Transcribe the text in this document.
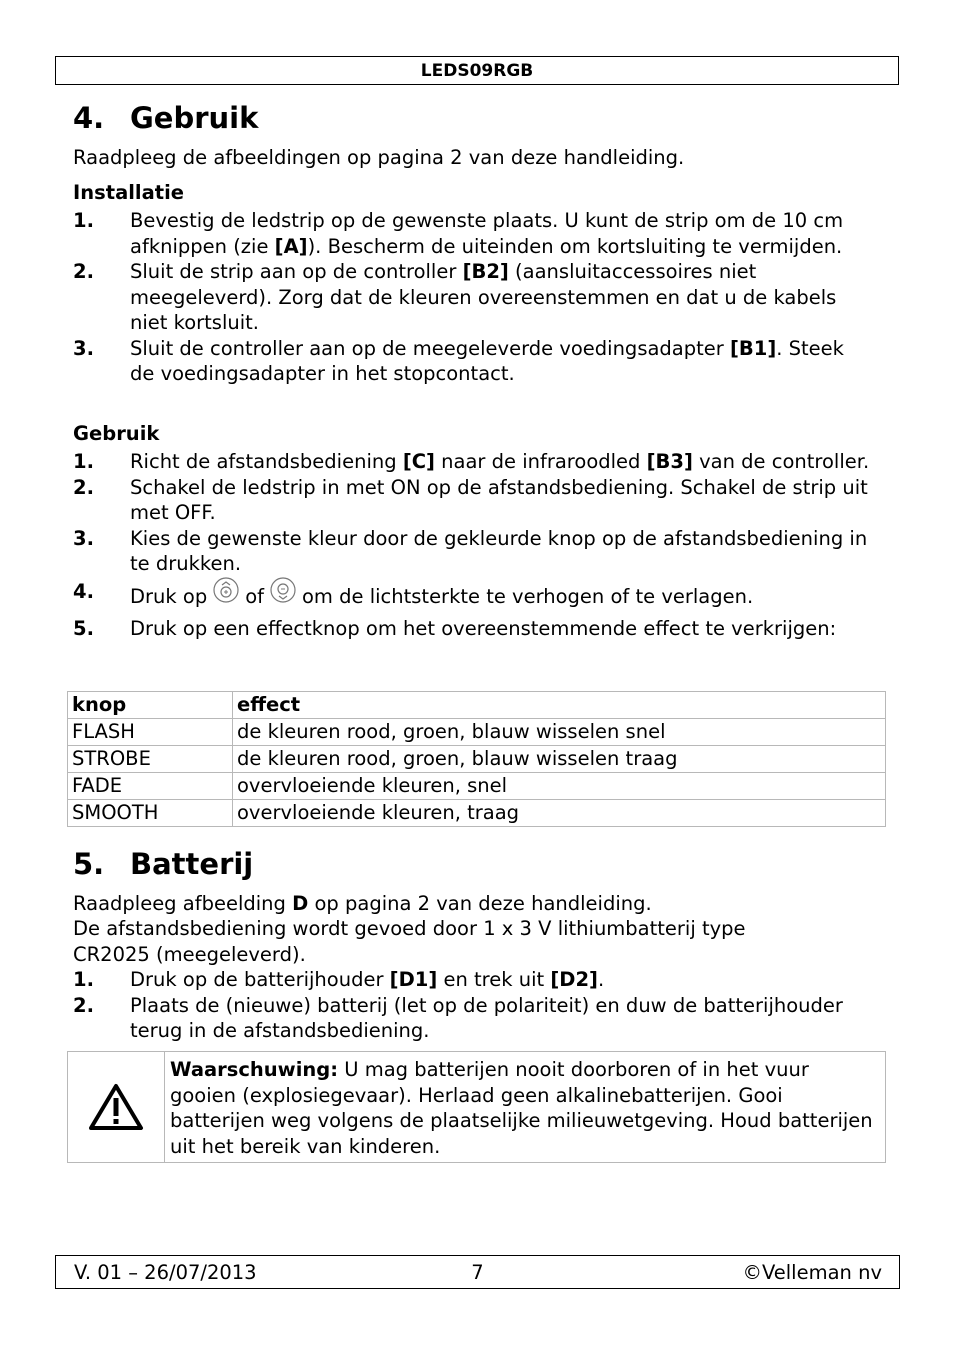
LEDS09RGB
4. Gebruik
Raadpleeg de afbeeldingen op pagina 2 van deze handleiding.
Installatie
1.	Bevestig de ledstrip op de gewenste plaats. U kunt de strip om de 10 cm afknippen (zie [A]). Bescherm de uiteinden om kortsluiting te vermijden.
2.	Sluit de strip aan op de controller [B2] (aansluitaccessoires niet meegeleverd). Zorg dat de kleuren overeenstemmen en dat u de kabels niet kortsluit.
3.	Sluit de controller aan op de meegeleverde voedingsadapter [B1]. Steek de voedingsadapter in het stopcontact.
Gebruik
1.	Richt de afstandsbediening [C] naar de infraroodled [B3] van de controller.
2.	Schakel de ledstrip in met ON op de afstandsbediening. Schakel de strip uit met OFF.
3.	Kies de gewenste kleur door de gekleurde knop op de afstandsbediening in te drukken.
4.	Druk op of om de lichtsterkte te verhogen of te verlagen.
5.	Druk op een effectknop om het overeenstemmende effect te verkrijgen:
knop	effect
FLASH	de kleuren rood, groen, blauw wisselen snel
STROBE	de kleuren rood, groen, blauw wisselen traag
FADE	overvloeiende kleuren, snel
SMOOTH	overvloeiende kleuren, traag
5. Batterij
Raadpleeg afbeelding D op pagina 2 van deze handleiding.
De afstandsbediening wordt gevoed door 1 x 3 V lithiumbatterij type
CR2025 (meegeleverd).
1.	Druk op de batterijhouder [D1] en trek uit [D2].
2.	Plaats de (nieuwe) batterij (let op de polariteit) en duw de batterijhouder terug in de afstandsbediening.
Waarschuwing: U mag batterijen nooit doorboren of in het vuur gooien (explosiegevaar). Herlaad geen alkalinebatterijen. Gooi batterijen weg volgens de plaatselijke milieuwetgeving. Houd batterijen uit het bereik van kinderen.
V. 01 – 26/07/2013	7	©Velleman nv
